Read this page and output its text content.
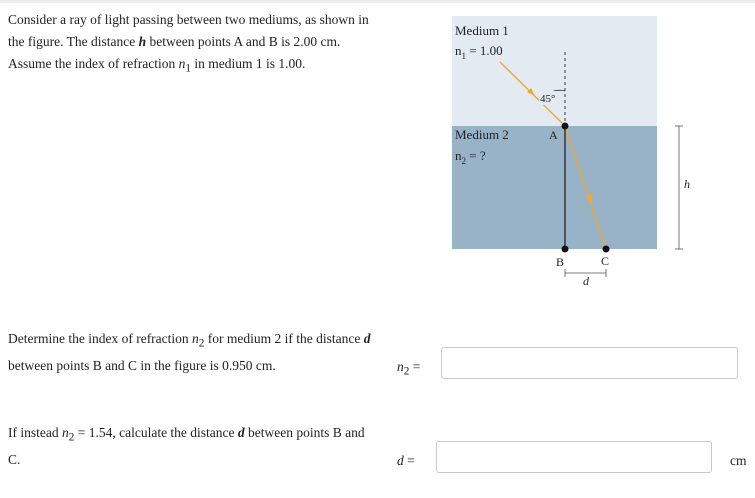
Consider a ray of light passing between two mediums, as shown in the figure. The distance h between points A and B is 2.00 cm. Assume the index of refraction $n_1$ in medium 1 is 1.00.
Determine the index of refraction $n_2$ for medium 2 if the distance d between points B and C in the figure is 0.950 cm.	$n_2$ =
If instead $n_2 = 1.54$, calculate the distance d between points B and C.	d =	cm
Medium 1
$n_1 = 1.00$
Medium 2
$n_2$ = ?
45°
A
B	C
d
h
